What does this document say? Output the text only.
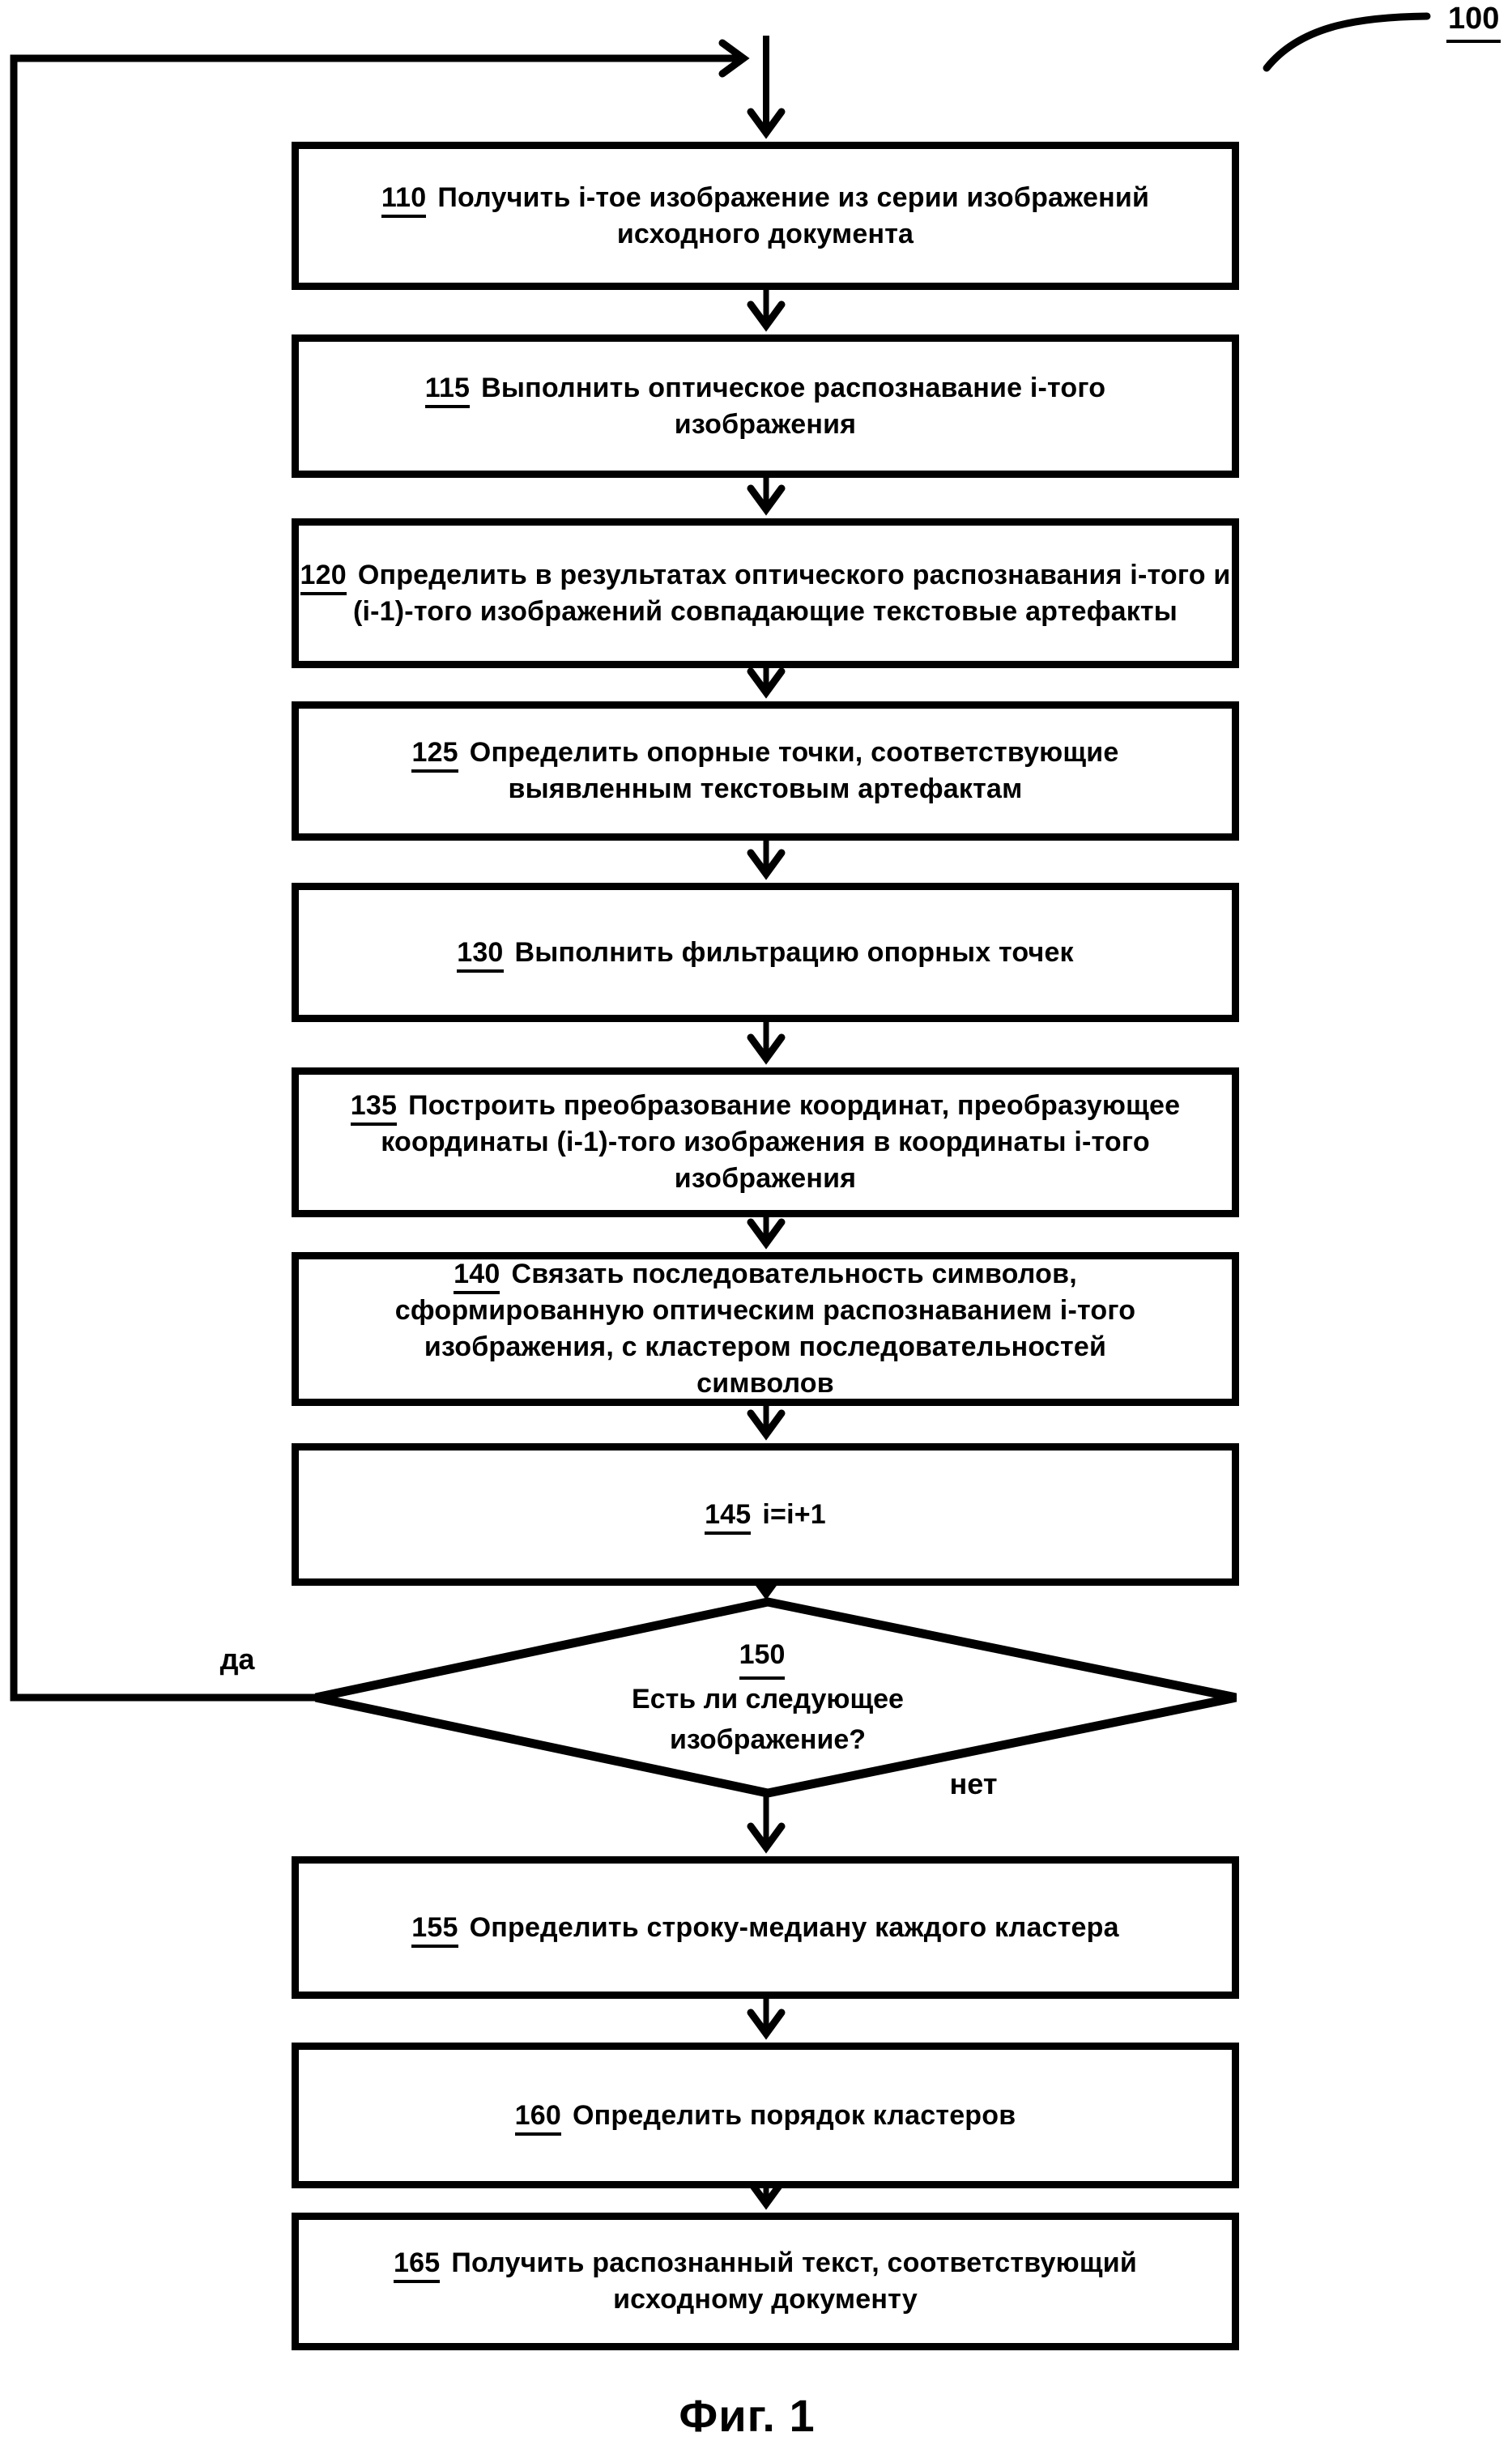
100

110 Получить i-тое изображение из серии изображений исходного документа

115 Выполнить оптическое распознавание i-того изображения

120 Определить в результатах оптического распознавания i-того и (i-1)-того изображений совпадающие текстовые артефакты

125 Определить опорные точки, соответствующие выявленным текстовым артефактам

130 Выполнить фильтрацию опорных точек

135 Построить преобразование координат, преобразующее координаты (i-1)-того изображения в координаты i-того изображения

140 Связать последовательность символов, сформированную оптическим распознаванием i-того изображения, с кластером последовательностей символов

145 i=i+1

150
Есть ли следующее изображение?
да
нет

155 Определить строку-медиану каждого кластера

160 Определить порядок кластеров

165 Получить распознанный текст, соответствующий исходному документу

Фиг. 1
